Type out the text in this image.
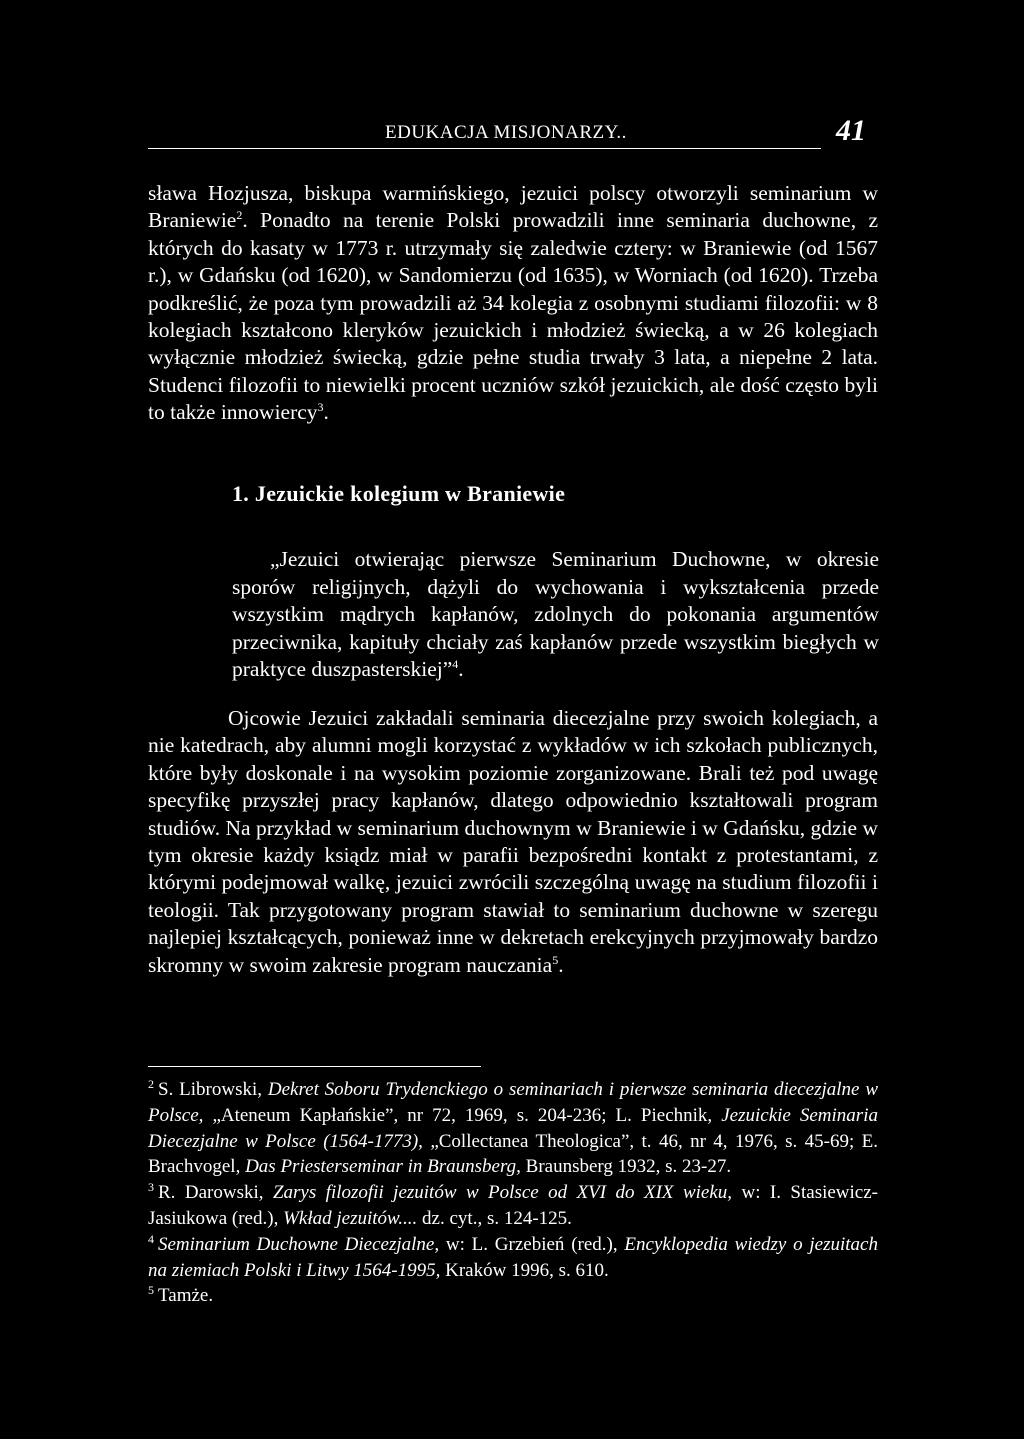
EDUKACJA MISJONARZY..	41

sława Hozjusza, biskupa warmińskiego, jezuici polscy otworzyli seminarium w Braniewie$^2$. Ponadto na terenie Polski prowadzili inne seminaria duchowne, z których do kasaty w 1773 r. utrzymały się zaledwie cztery: w Braniewie (od 1567 r.), w Gdańsku (od 1620), w Sandomierzu (od 1635), w Worniach (od 1620). Trzeba podkreślić, że poza tym prowadzili aż 34 kolegia z osobnymi studiami filozofii: w 8 kolegiach kształcono kleryków jezuickich i młodzież świecką, a w 26 kolegiach wyłącznie młodzież świecką, gdzie pełne studia trwały 3 lata, a niepełne 2 lata. Studenci filozofii to niewielki procent uczniów szkół jezuickich, ale dość często byli to także innowiercy$^3$.

1. Jezuickie kolegium w Braniewie

„Jezuici otwierając pierwsze Seminarium Duchowne, w okresie sporów religijnych, dążyli do wychowania i wykształcenia przede wszystkim mądrych kapłanów, zdolnych do pokonania argumentów przeciwnika, kapituły chciały zaś kapłanów przede wszystkim biegłych w praktyce duszpasterskiej”$^4$.

Ojcowie Jezuici zakładali seminaria diecezjalne przy swoich kolegiach, a nie katedrach, aby alumni mogli korzystać z wykładów w ich szkołach publicznych, które były doskonale i na wysokim poziomie zorganizowane. Brali też pod uwagę specyfikę przyszłej pracy kapłanów, dlatego odpowiednio kształtowali program studiów. Na przykład w seminarium duchownym w Braniewie i w Gdańsku, gdzie w tym okresie każdy ksiądz miał w parafii bezpośredni kontakt z protestantami, z którymi podejmował walkę, jezuici zwrócili szczególną uwagę na studium filozofii i teologii. Tak przygotowany program stawiał to seminarium duchowne w szeregu najlepiej kształcących, ponieważ inne w dekretach erekcyjnych przyjmowały bardzo skromny w swoim zakresie program nauczania$^5$.

$^2$ S. Librowski, Dekret Soboru Trydenckiego o seminariach i pierwsze seminaria diecezjalne w Polsce, „Ateneum Kapłańskie”, nr 72, 1969, s. 204-236; L. Piechnik, Jezuickie Seminaria Diecezjalne w Polsce (1564-1773), „Collectanea Theologica”, t. 46, nr 4, 1976, s. 45-69; E. Brachvogel, Das Priesterseminar in Braunsberg, Braunsberg 1932, s. 23-27.

$^3$ R. Darowski, Zarys filozofii jezuitów w Polsce od XVI do XIX wieku, w: I. Stasiewicz-Jasiukowa (red.), Wkład jezuitów.... dz. cyt., s. 124-125.

$^4$ Seminarium Duchowne Diecezjalne, w: L. Grzebień (red.), Encyklopedia wiedzy o jezuitach na ziemiach Polski i Litwy 1564-1995, Kraków 1996, s. 610.

$^5$ Tamże.
